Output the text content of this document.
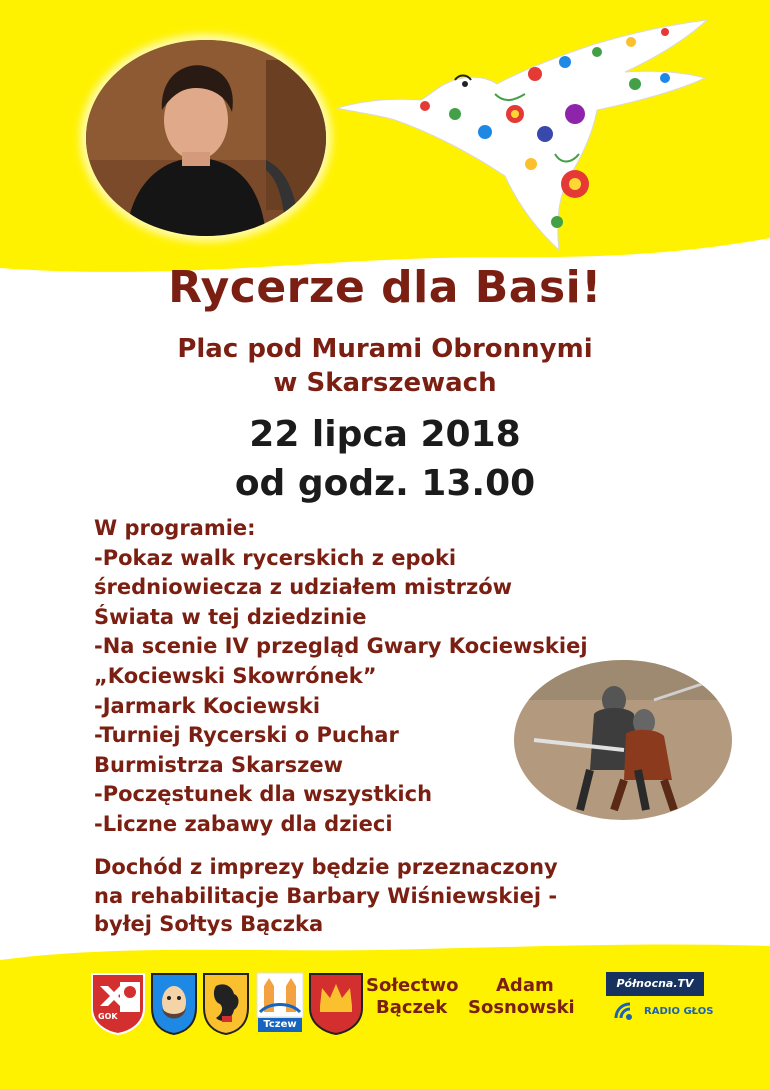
Rycerze dla Basi!
Plac pod Murami Obronnymi
w Skarszewach
22 lipca 2018
od godz. 13.00
W programie:
-Pokaz walk rycerskich z epoki
średniowiecza z udziałem mistrzów
Świata w tej dziedzinie
-Na scenie IV przegląd Gwary Kociewskiej
„Kociewski Skowrónek”
-Jarmark Kociewski
-Turniej Rycerski o Puchar
Burmistrza Skarszew
-Poczęstunek dla wszystkich
-Liczne zabawy dla dzieci
Dochód z imprezy będzie przeznaczony
na rehabilitacje Barbary Wiśniewskiej -
byłej Sołtys Bączka
GOK
Tczew
Sołectwo
Bączek
Adam
Sosnowski
Północna.TV
RADIO GŁOS
